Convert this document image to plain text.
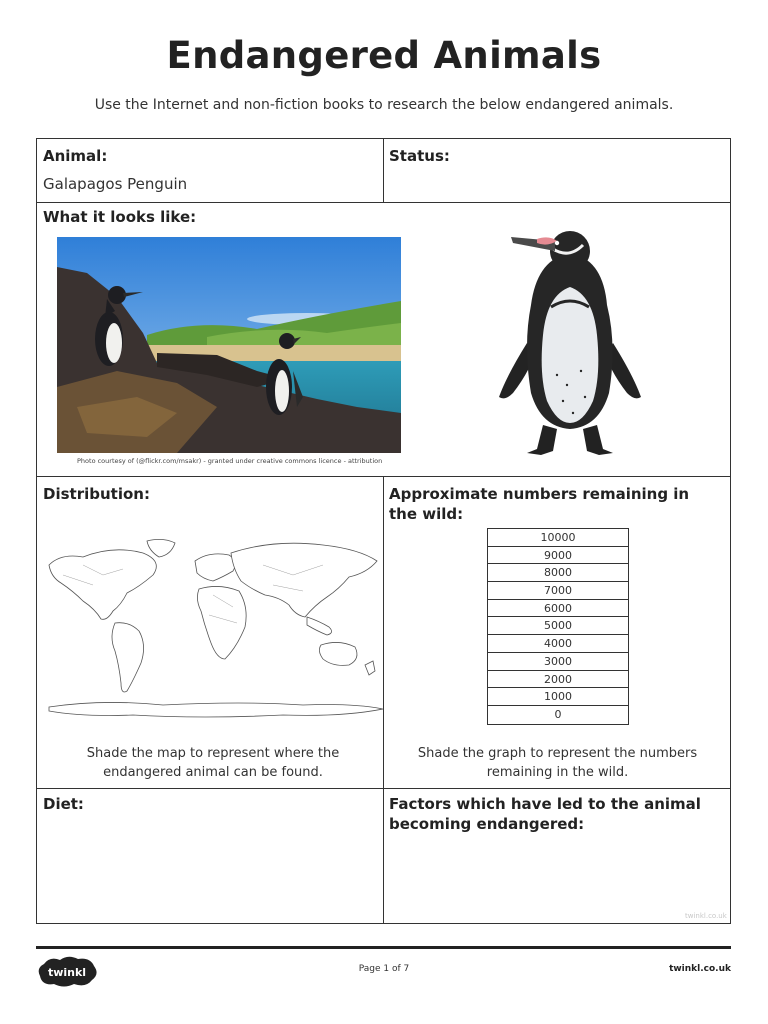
Endangered Animals
Use the Internet and non-fiction books to research the below endangered animals.
Animal:
Galapagos Penguin
Status:
What it looks like:
Photo courtesy of (@flickr.com/msakr) - granted under creative commons licence - attribution
Distribution:
Shade the map to represent where the
endangered animal can be found.
Approximate numbers remaining in
the wild:
10000
9000
8000
7000
6000
5000
4000
3000
2000
1000
0
Shade the graph to represent the numbers
remaining in the wild.
Diet:	Factors which have led to the animal
becoming endangered:
twinkl.co.uk
twinkl	Page 1 of 7	twinkl.co.uk
